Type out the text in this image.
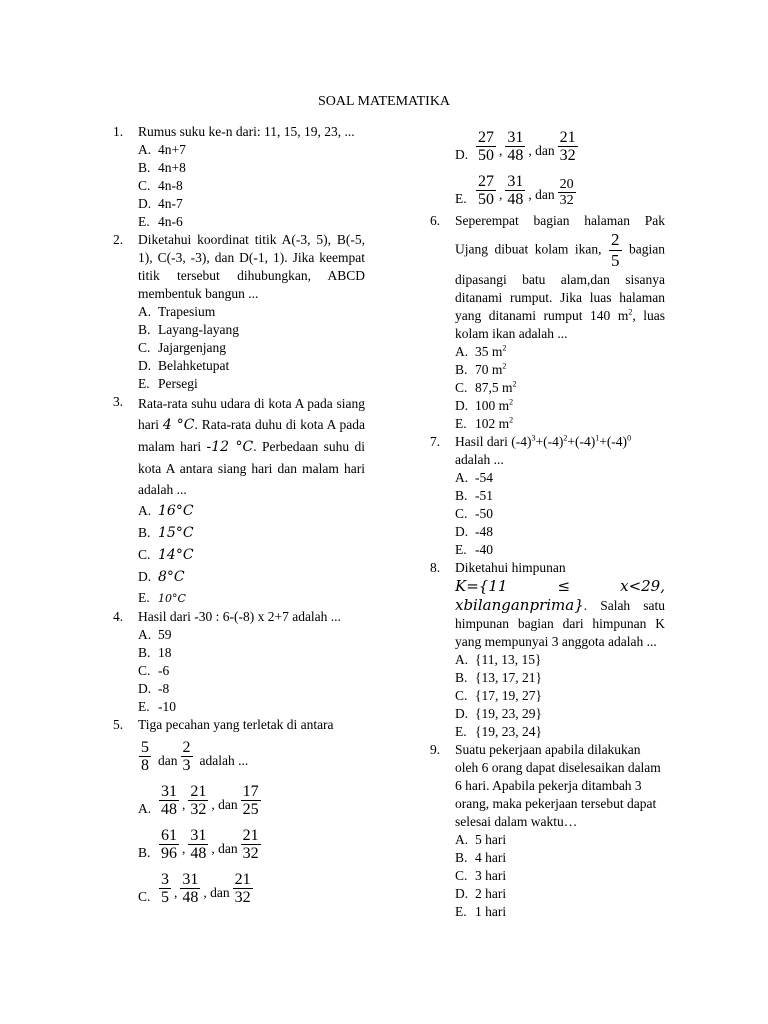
SOAL MATEMATIKA
1. Rumus suku ke-n dari: 11, 15, 19, 23, ...
A. 4n+7
B. 4n+8
C. 4n-8
D. 4n-7
E. 4n-6
2. Diketahui koordinat titik A(-3, 5), B(-5, 1), C(-3, -3), dan D(-1, 1). Jika keempat titik tersebut dihubungkan, ABCD membentuk bangun ...
A. Trapesium
B. Layang-layang
C. Jajargenjang
D. Belahketupat
E. Persegi
3. Rata-rata suhu udara di kota A pada siang hari 4 °C. Rata-rata duhu di kota A pada malam hari -12 °C. Perbedaan suhu di kota A antara siang hari dan malam hari adalah ...
A. 16°C
B. 15°C
C. 14°C
D. 8°C
E. 10°C
4. Hasil dari -30 : 6-(-8) x 2+7 adalah ...
A. 59
B. 18
C. -6
D. -8
E. -10
5. Tiga pecahan yang terletak di antara
$\frac{5}{8}$ dan $\frac{2}{3}$ adalah ...
A. $\frac{31}{48}$ , $\frac{21}{32}$ , dan $\frac{17}{25}$
B. $\frac{61}{96}$ , $\frac{31}{48}$ , dan $\frac{21}{32}$
C. $\frac{3}{5}$ , $\frac{31}{48}$ , dan $\frac{21}{32}$
D. $\frac{27}{50}$ , $\frac{31}{48}$ , dan $\frac{21}{32}$
E. $\frac{27}{50}$ , $\frac{31}{48}$ , dan $\frac{20}{32}$
6. Seperempat bagian halaman Pak Ujang dibuat kolam ikan, $\frac{2}{5}$ bagian dipasangi batu alam,dan sisanya ditanami rumput. Jika luas halaman yang ditanami rumput 140 $m^2$, luas kolam ikan adalah ...
A. 35 $m^2$
B. 70 $m^2$
C. 87,5 $m^2$
D. 100 $m^2$
E. 102 $m^2$
7. Hasil dari $(-4)^3+(-4)^2+(-4)^1+(-4)^0$
adalah ...
A. -54
B. -51
C. -50
D. -48
E. -40
8. Diketahui himpunan
K={11 ≤ x<29, xbilanganprima}. Salah satu himpunan bagian dari himpunan K yang mempunyai 3 anggota adalah ...
A. {11, 13, 15}
B. {13, 17, 21}
C. {17, 19, 27}
D. {19, 23, 29}
E. {19, 23, 24}
9. Suatu pekerjaan apabila dilakukan oleh 6 orang dapat diselesaikan dalam 6 hari. Apabila pekerja ditambah 3 orang, maka pekerjaan tersebut dapat selesai dalam waktu…
A. 5 hari
B. 4 hari
C. 3 hari
D. 2 hari
E. 1 hari
